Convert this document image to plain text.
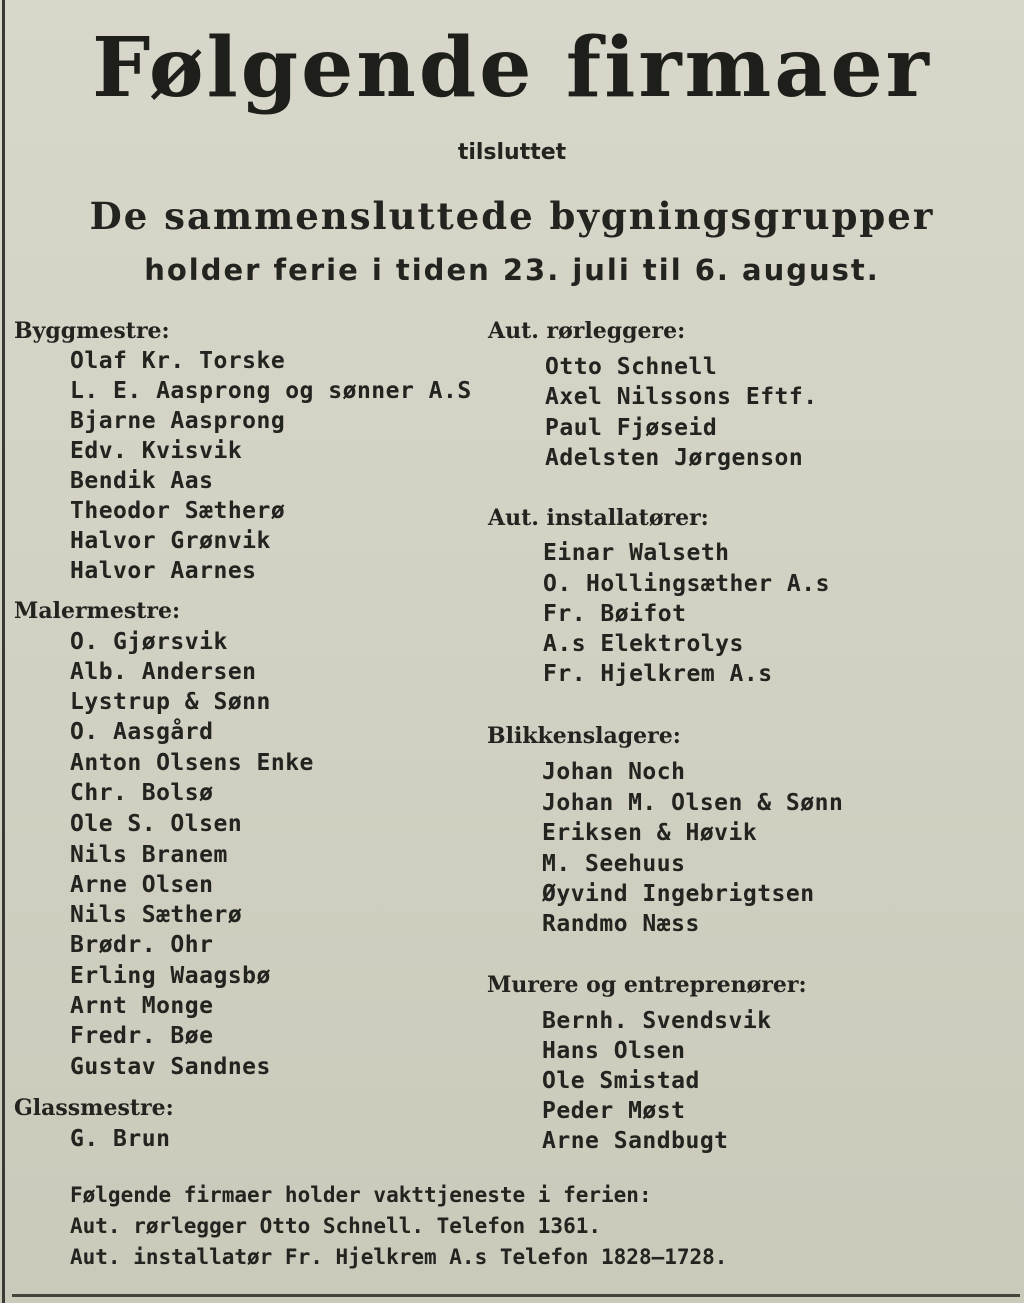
Følgende firmaer
tilsluttet
De sammensluttede bygningsgrupper
holder ferie i tiden 23. juli til 6. august.
Byggmestre:
Olaf Kr. Torske
L. E. Aasprong og sønner A.S
Bjarne Aasprong
Edv. Kvisvik
Bendik Aas
Theodor Sætherø
Halvor Grønvik
Halvor Aarnes
Malermestre:
O. Gjørsvik
Alb. Andersen
Lystrup & Sønn
O. Aasgård
Anton Olsens Enke
Chr. Bolsø
Ole S. Olsen
Nils Branem
Arne Olsen
Nils Sætherø
Brødr. Ohr
Erling Waagsbø
Arnt Monge
Fredr. Bøe
Gustav Sandnes
Glassmestre:
G. Brun
Aut. rørleggere:
Otto Schnell
Axel Nilssons Eftf.
Paul Fjøseid
Adelsten Jørgenson
Aut. installatører:
Einar Walseth
O. Hollingsæther A.s
Fr. Bøifot
A.s Elektrolys
Fr. Hjelkrem A.s
Blikkenslagere:
Johan Noch
Johan M. Olsen & Sønn
Eriksen & Høvik
M. Seehuus
Øyvind Ingebrigtsen
Randmo Næss
Murere og entreprenører:
Bernh. Svendsvik
Hans Olsen
Ole Smistad
Peder Møst
Arne Sandbugt
Følgende firmaer holder vakttjeneste i ferien:
Aut. rørlegger Otto Schnell. Telefon 1361.
Aut. installatør Fr. Hjelkrem A.s Telefon 1828—1728.
